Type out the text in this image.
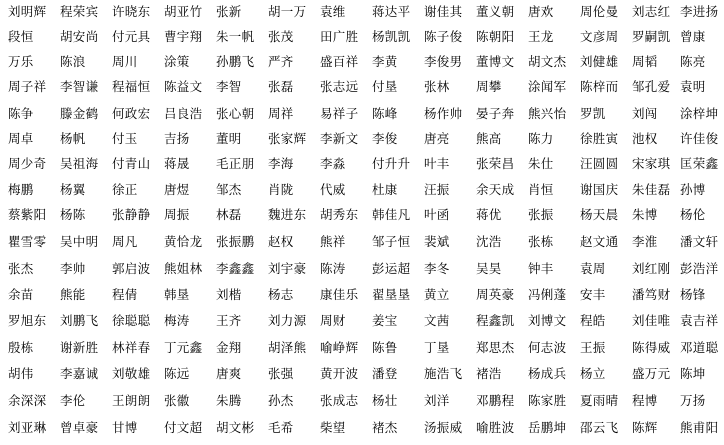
刘明辉	程荣宾	许晓东	胡亚竹	张新	胡一万	袁维	蒋达平	谢佳其	董义朝	唐欢	周伦曼	刘志红 李进扬
段恒	胡安尚	付元具	曹宇翔	朱一帆	张茂	田广胜	杨凯凯	陈子俊	陈朝阳	王龙	文彦周	罗嗣凯 曾康
万乐	陈浪	周川	涂策	孙鹏飞	严齐	盛百祥	李黄	李俊男	董博文	胡文杰	刘健雄	周韬	陈亮
周子祥	李智谦	程福恒	陈益文	李智	张磊	张志远	付垦	张林	周攀	涂闻军	陈梓而	邹孔爱 袁明
陈争	滕金鹤	何政宏	吕良浩	张心朝	周祥	易祥子	陈峰	杨作帅	晏子奔	熊兴怡	罗凯	刘闯	涂梓坤
周卓	杨帆	付玉	吉扬	董明	张家辉	李新文	李俊	唐亮	熊高	陈力	徐胜寅	池权	许佳俊
周少奇	吴祖海	付青山	蒋晟	毛正朋	李海	李淼	付升升	叶丰	张荣昌	朱仕	汪圆圆	宋家琪 匡荣鑫
梅鹏	杨翼	徐正	唐煜	邹杰	肖陇	代威	杜康	汪振	余天成	肖恒	谢国庆	朱佳磊 孙博
蔡紫阳	杨陈	张静静	周振	林磊	魏进东	胡秀东	韩佳凡	叶函	蒋优	张振	杨天晨	朱博	杨伦
瞿雪零	吴中明	周凡	黄恰龙	张振鹏	赵权	熊祥	邹子恒	裴斌	沈浩	张栋	赵文通	李淮	潘文轩
张杰	李帅	郭启波	熊姐林	李鑫鑫	刘宇豪	陈涛	彭运超	李冬	吴昊	钟丰	袁周	刘红刚 彭浩洋
余苗	熊能	程倩	韩垦	刘楷	杨志	康佳乐	翟垦垦	黄立	周英豪	冯俐蓬	安丰	潘笃财 杨锋
罗旭东	刘鹏飞	徐聪聪	梅涛	王齐	刘力源	周财	姜宝	文茜	程鑫凯	刘博文	程皓	刘佳唯 袁吉祥
殷栋	谢新胜	林祥春	丁元鑫	金翔	胡泽熊	喻峥辉	陈鲁	丁垦	郑思杰	何志波	王振	陈得威 邓道聪
胡伟	李嘉诚	刘敬雄	陈远	唐爽	张强	黄开波	潘登	施浩飞	褚浩	杨成兵	杨立	盛万元 陈坤
余深深	李伦	王朗朗	张徽	朱腾	孙杰	张成志	杨壮	刘洋	邓鹏程	陈家胜	夏雨晴	程博	万扬
刘亚琳	曾卓豪	甘博	付文超	胡文彬	毛希	柴望	褚杰	汤振威	喻胜波	岳鹏坤	邵云飞	陈辉	熊甫阳
